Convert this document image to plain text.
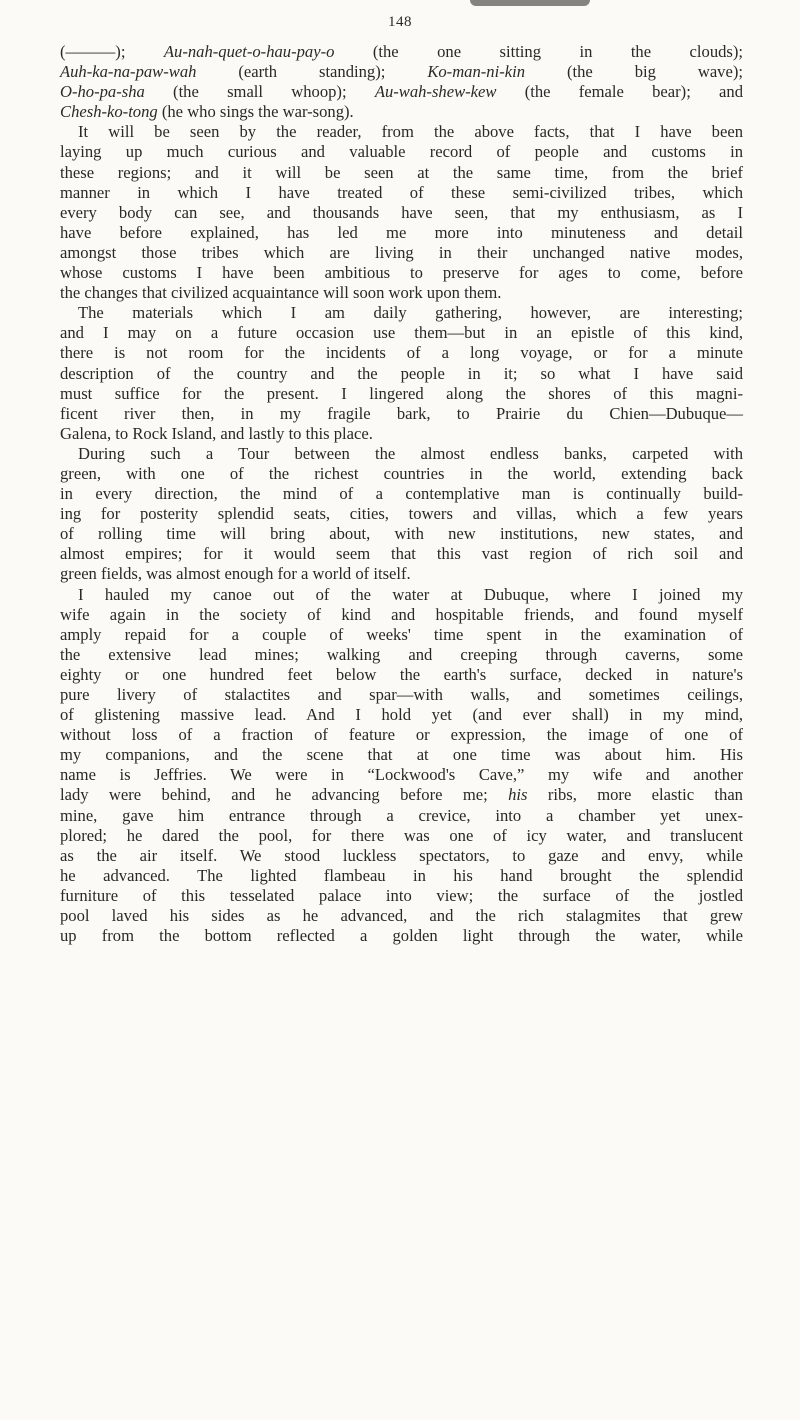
148
(———); Au-nah-quet-o-hau-pay-o (the one sitting in the clouds);
Auh-ka-na-paw-wah (earth standing); Ko-man-ni-kin (the big wave);
O-ho-pa-sha (the small whoop); Au-wah-shew-kew (the female bear); and
Chesh-ko-tong (he who sings the war-song).
It will be seen by the reader, from the above facts, that I have been
laying up much curious and valuable record of people and customs in
these regions; and it will be seen at the same time, from the brief
manner in which I have treated of these semi-civilized tribes, which
every body can see, and thousands have seen, that my enthusiasm, as I
have before explained, has led me more into minuteness and detail
amongst those tribes which are living in their unchanged native modes,
whose customs I have been ambitious to preserve for ages to come, before
the changes that civilized acquaintance will soon work upon them.
The materials which I am daily gathering, however, are interesting;
and I may on a future occasion use them—but in an epistle of this kind,
there is not room for the incidents of a long voyage, or for a minute
description of the country and the people in it; so what I have said
must suffice for the present. I lingered along the shores of this magni-
ficent river then, in my fragile bark, to Prairie du Chien—Dubuque—
Galena, to Rock Island, and lastly to this place.
During such a Tour between the almost endless banks, carpeted with
green, with one of the richest countries in the world, extending back
in every direction, the mind of a contemplative man is continually build-
ing for posterity splendid seats, cities, towers and villas, which a few years
of rolling time will bring about, with new institutions, new states, and
almost empires; for it would seem that this vast region of rich soil and
green fields, was almost enough for a world of itself.
I hauled my canoe out of the water at Dubuque, where I joined my
wife again in the society of kind and hospitable friends, and found myself
amply repaid for a couple of weeks' time spent in the examination of
the extensive lead mines; walking and creeping through caverns, some
eighty or one hundred feet below the earth's surface, decked in nature's
pure livery of stalactites and spar—with walls, and sometimes ceilings,
of glistening massive lead. And I hold yet (and ever shall) in my mind,
without loss of a fraction of feature or expression, the image of one of
my companions, and the scene that at one time was about him. His
name is Jeffries. We were in “Lockwood's Cave,” my wife and another
lady were behind, and he advancing before me; his ribs, more elastic than
mine, gave him entrance through a crevice, into a chamber yet unex-
plored; he dared the pool, for there was one of icy water, and translucent
as the air itself. We stood luckless spectators, to gaze and envy, while
he advanced. The lighted flambeau in his hand brought the splendid
furniture of this tesselated palace into view; the surface of the jostled
pool laved his sides as he advanced, and the rich stalagmites that grew
up from the bottom reflected a golden light through the water, while
